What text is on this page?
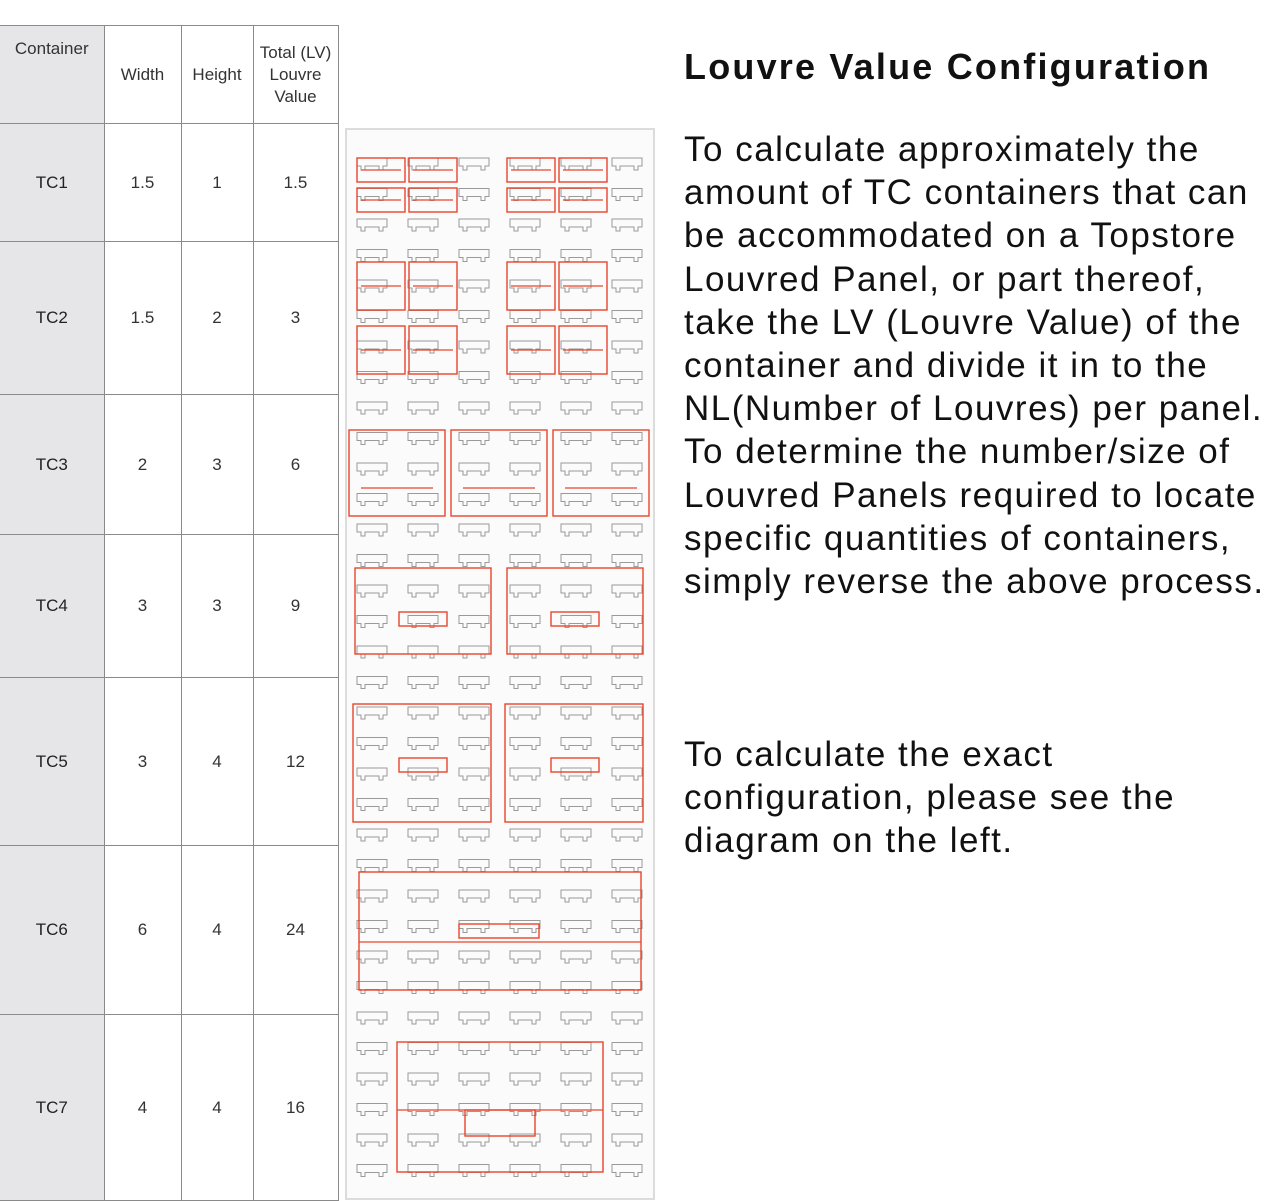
Container	Width	Height	Total (LV) Louvre Value
TC1	1.5	1	1.5
TC2	1.5	2	3
TC3	2	3	6
TC4	3	3	9
TC5	3	4	12
TC6	6	4	24
TC7	4	4	16
Louvre Value Configuration

To calculate approximately the amount of TC containers that can be accommodated on a Topstore Louvred Panel, or part thereof, take the LV (Louvre Value) of the container and divide it in to the NL(Number of Louvres) per panel. To determine the number/size of Louvred Panels required to locate specific quantities of containers, simply reverse the above process.

To calculate the exact configuration, please see the diagram on the left.
